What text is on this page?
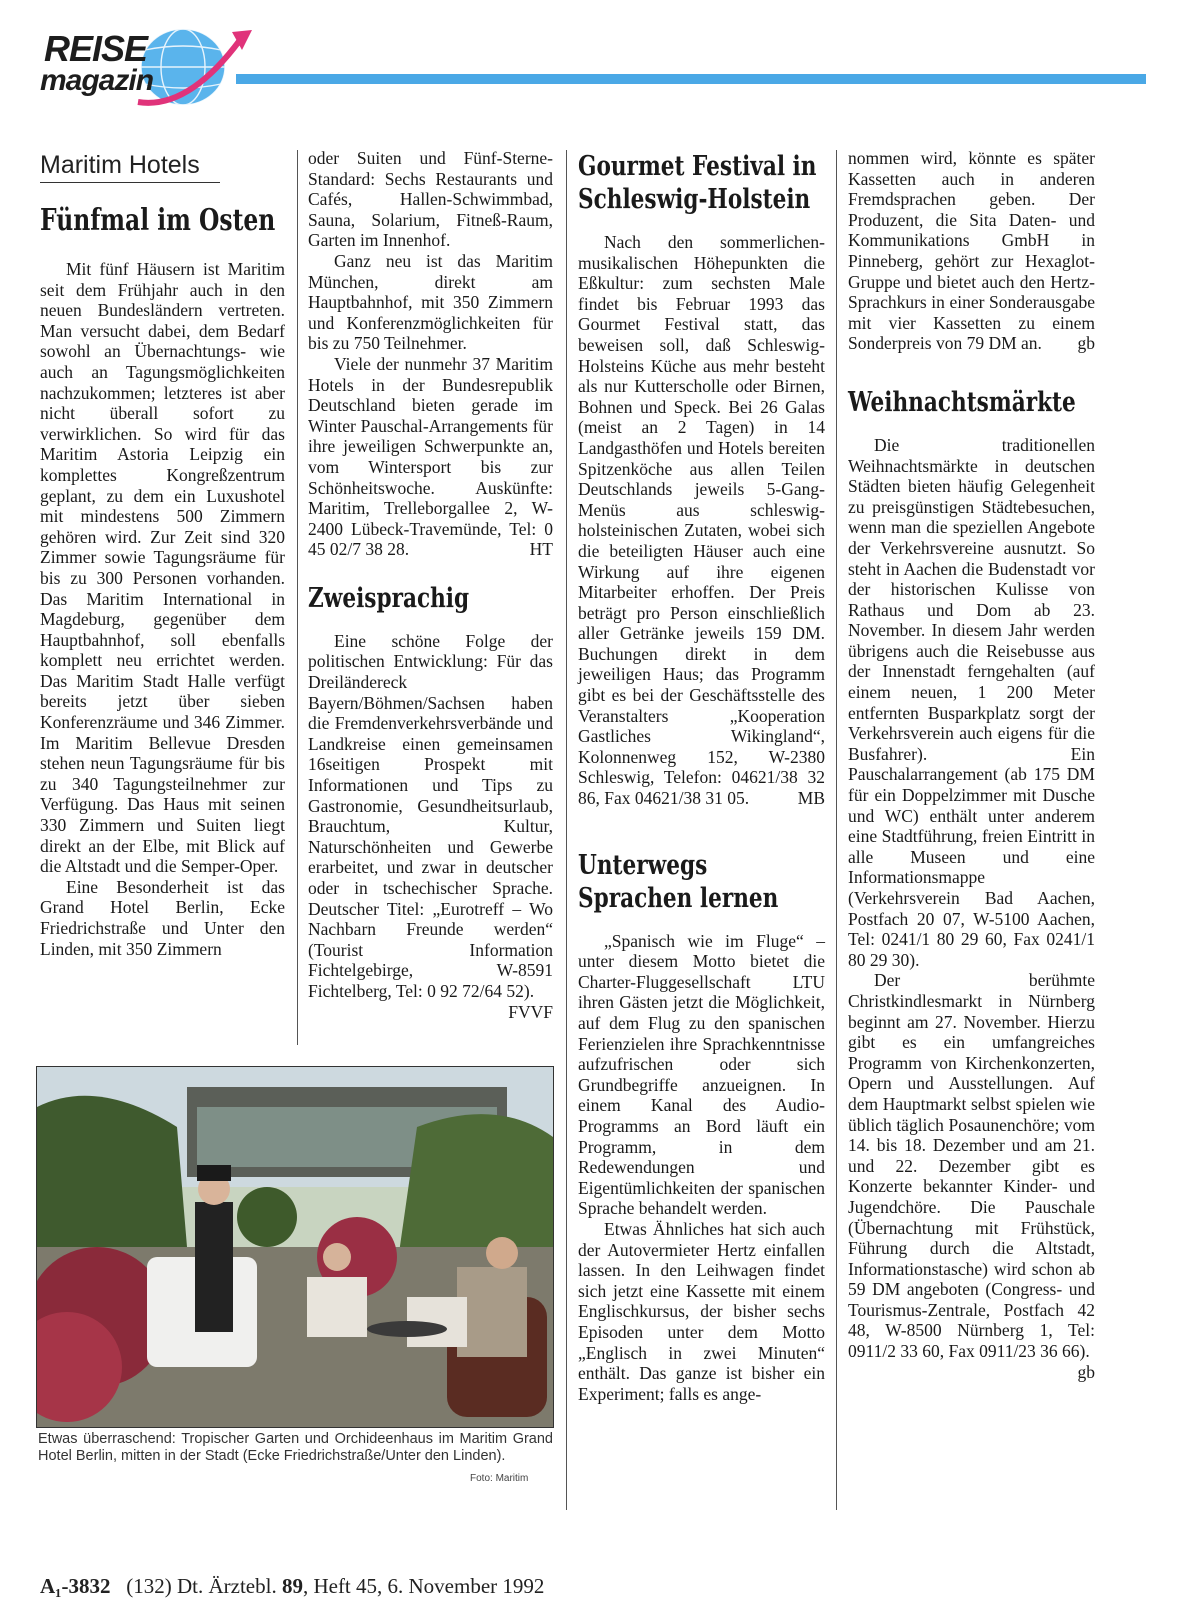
REISE
magazin
Maritim Hotels
Fünfmal im Osten

Mit fünf Häusern ist Maritim seit dem Frühjahr auch in den neuen Bundesländern vertreten. Man versucht dabei, dem Bedarf sowohl an Übernachtungs- wie auch an Tagungsmöglichkeiten nachzukommen; letzteres ist aber nicht überall sofort zu verwirklichen. So wird für das Maritim Astoria Leipzig ein komplettes Kongreßzentrum geplant, zu dem ein Luxushotel mit mindestens 500 Zimmern gehören wird. Zur Zeit sind 320 Zimmer sowie Tagungsräume für bis zu 300 Personen vorhanden. Das Maritim International in Magdeburg, gegenüber dem Hauptbahnhof, soll ebenfalls komplett neu errichtet werden. Das Maritim Stadt Halle verfügt bereits jetzt über sieben Konferenzräume und 346 Zimmer. Im Maritim Bellevue Dresden stehen neun Tagungsräume für bis zu 340 Tagungsteilnehmer zur Verfügung. Das Haus mit seinen 330 Zimmern und Suiten liegt direkt an der Elbe, mit Blick auf die Altstadt und die Semper-Oper.

Eine Besonderheit ist das Grand Hotel Berlin, Ecke Friedrichstraße und Unter den Linden, mit 350 Zimmern

oder Suiten und Fünf-Sterne-Standard: Sechs Restaurants und Cafés, Hallen-Schwimmbad, Sauna, Solarium, Fitneß-Raum, Garten im Innenhof.

Ganz neu ist das Maritim München, direkt am Hauptbahnhof, mit 350 Zimmern und Konferenzmöglichkeiten für bis zu 750 Teilnehmer.

Viele der nunmehr 37 Maritim Hotels in der Bundesrepublik Deutschland bieten gerade im Winter Pauschal-Arrangements für ihre jeweiligen Schwerpunkte an, vom Wintersport bis zur Schönheitswoche. Auskünfte: Maritim, Trelleborgallee 2, W-2400 Lübeck-Travemünde, Tel: 0 45 02/7 38 28.	HT

Zweisprachig

Eine schöne Folge der politischen Entwicklung: Für das Dreiländereck Bayern/Böhmen/Sachsen haben die Fremdenverkehrsverbände und Landkreise einen gemeinsamen 16seitigen Prospekt mit Informationen und Tips zu Gastronomie, Gesundheitsurlaub, Brauchtum, Kultur, Naturschönheiten und Gewerbe erarbeitet, und zwar in deutscher oder in tschechischer Sprache. Deutscher Titel: „Eurotreff – Wo Nachbarn Freunde werden“ (Tourist Information Fichtelgebirge, W-8591 Fichtelberg, Tel: 0 92 72/64 52).
FVVF

Gourmet Festival in
Schleswig-Holstein

Nach den sommerlichen-musikalischen Höhepunkten die Eßkultur: zum sechsten Male findet bis Februar 1993 das Gourmet Festival statt, das beweisen soll, daß Schleswig-Holsteins Küche aus mehr besteht als nur Kutterscholle oder Birnen, Bohnen und Speck. Bei 26 Galas (meist an 2 Tagen) in 14 Landgasthöfen und Hotels bereiten Spitzenköche aus allen Teilen Deutschlands jeweils 5-Gang-Menüs aus schleswig-holsteinischen Zutaten, wobei sich die beteiligten Häuser auch eine Wirkung auf ihre eigenen Mitarbeiter erhoffen. Der Preis beträgt pro Person einschließlich aller Getränke jeweils 159 DM. Buchungen direkt in dem jeweiligen Haus; das Programm gibt es bei der Geschäftsstelle des Veranstalters „Kooperation Gastliches Wikingland“, Kolonnenweg 152, W-2380 Schleswig, Telefon: 04621/38 32 86, Fax 04621/38 31 05.	MB

Unterwegs
Sprachen lernen

„Spanisch wie im Fluge“ – unter diesem Motto bietet die Charter-Fluggesellschaft LTU ihren Gästen jetzt die Möglichkeit, auf dem Flug zu den spanischen Ferienzielen ihre Sprachkenntnisse aufzufrischen oder sich Grundbegriffe anzueignen. In einem Kanal des Audio-Programms an Bord läuft ein Programm, in dem Redewendungen und Eigentümlichkeiten der spanischen Sprache behandelt werden.

Etwas Ähnliches hat sich auch der Autovermieter Hertz einfallen lassen. In den Leihwagen findet sich jetzt eine Kassette mit einem Englischkursus, der bisher sechs Episoden unter dem Motto „Englisch in zwei Minuten“ enthält. Das ganze ist bisher ein Experiment; falls es ange-

nommen wird, könnte es später Kassetten auch in anderen Fremdsprachen geben. Der Produzent, die Sita Daten- und Kommunikations GmbH in Pinneberg, gehört zur Hexaglot-Gruppe und bietet auch den Hertz-Sprachkurs in einer Sonderausgabe mit vier Kassetten zu einem Sonderpreis von 79 DM an. gb

Weihnachtsmärkte

Die traditionellen Weihnachtsmärkte in deutschen Städten bieten häufig Gelegenheit zu preisgünstigen Städtebesuchen, wenn man die speziellen Angebote der Verkehrsvereine ausnutzt. So steht in Aachen die Budenstadt vor der historischen Kulisse von Rathaus und Dom ab 23. November. In diesem Jahr werden übrigens auch die Reisebusse aus der Innenstadt ferngehalten (auf einem neuen, 1 200 Meter entfernten Busparkplatz sorgt der Verkehrsverein auch eigens für die Busfahrer). Ein Pauschalarrangement (ab 175 DM für ein Doppelzimmer mit Dusche und WC) enthält unter anderem eine Stadtführung, freien Eintritt in alle Museen und eine Informationsmappe (Verkehrsverein Bad Aachen, Postfach 20 07, W-5100 Aachen, Tel: 0241/1 80 29 60, Fax 0241/1 80 29 30).

Der berühmte Christkindlesmarkt in Nürnberg beginnt am 27. November. Hierzu gibt es ein umfangreiches Programm von Kirchenkonzerten, Opern und Ausstellungen. Auf dem Hauptmarkt selbst spielen wie üblich täglich Posaunenchöre; vom 14. bis 18. Dezember und am 21. und 22. Dezember gibt es Konzerte bekannter Kinder- und Jugendchöre. Die Pauschale (Übernachtung mit Frühstück, Führung durch die Altstadt, Informationstasche) wird schon ab 59 DM angeboten (Congress- und Tourismus-Zentrale, Postfach 42 48, W-8500 Nürnberg 1, Tel: 0911/2 33 60, Fax 0911/23 36 66).
gb

Etwas überraschend: Tropischer Garten und Orchideenhaus im Maritim Grand Hotel Berlin, mitten in der Stadt (Ecke Friedrichstraße/Unter den Linden).
Foto: Maritim
A₁-3832 (132) Dt. Ärztebl. 89, Heft 45, 6. November 1992
